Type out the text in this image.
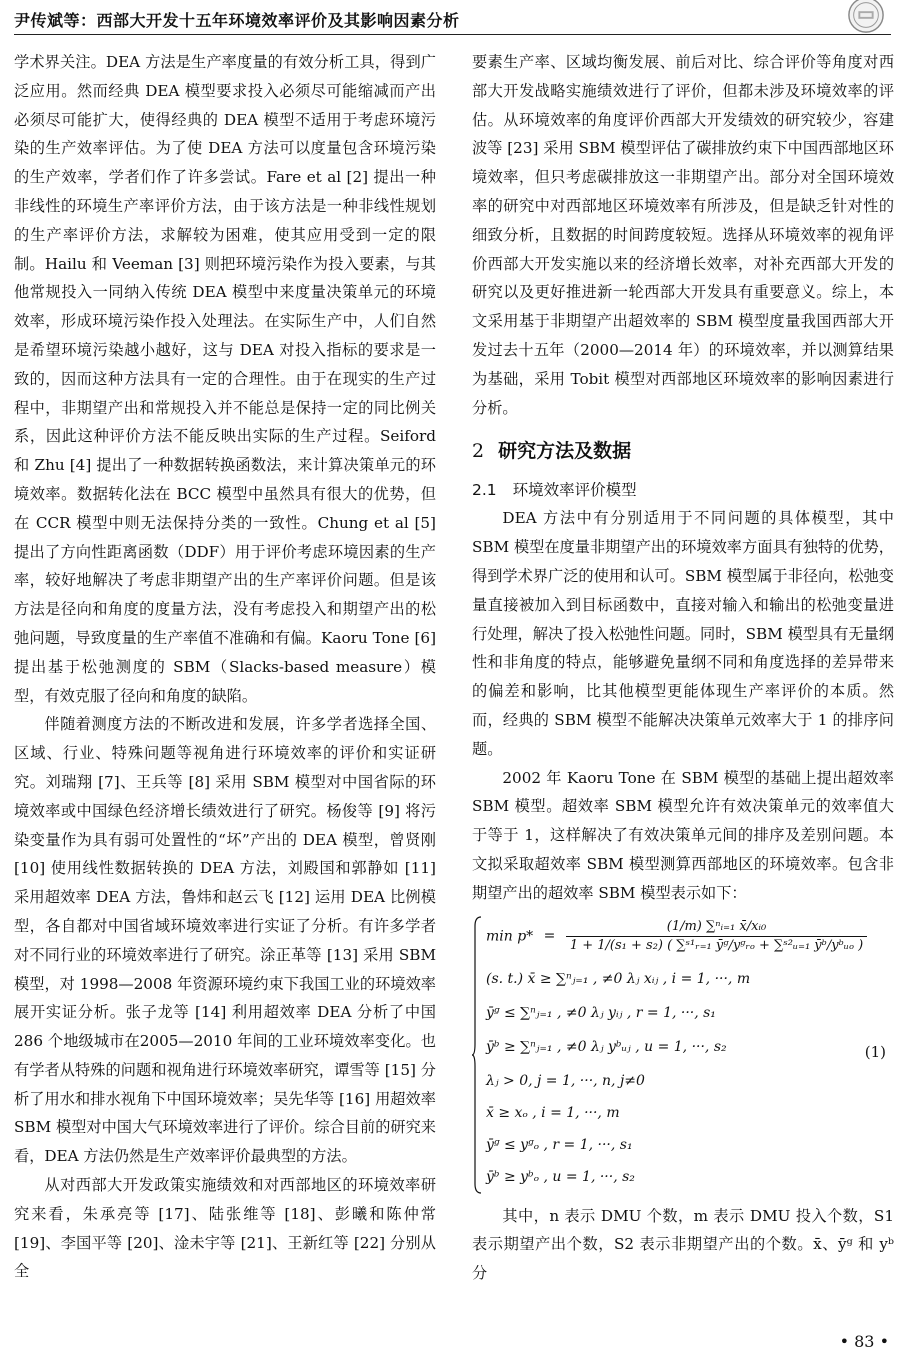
尹传斌等：西部大开发十五年环境效率评价及其影响因素分析

学术界关注。DEA 方法是生产率度量的有效分析工具，得到广泛应用。然而经典 DEA 模型要求投入必须尽可能缩减而产出必须尽可能扩大，使得经典的 DEA 模型不适用于考虑环境污染的生产效率评估。为了使 DEA 方法可以度量包含环境污染的生产效率，学者们作了许多尝试。Fare et al [2] 提出一种非线性的环境生产率评价方法，由于该方法是一种非线性规划的生产率评价方法，求解较为困难，使其应用受到一定的限制。Hailu 和 Veeman [3] 则把环境污染作为投入要素，与其他常规投入一同纳入传统 DEA 模型中来度量决策单元的环境效率，形成环境污染作投入处理法。在实际生产中，人们自然是希望环境污染越小越好，这与 DEA 对投入指标的要求是一致的，因而这种方法具有一定的合理性。由于在现实的生产过程中，非期望产出和常规投入并不能总是保持一定的同比例关系，因此这种评价方法不能反映出实际的生产过程。Seiford 和 Zhu [4] 提出了一种数据转换函数法，来计算决策单元的环境效率。数据转化法在 BCC 模型中虽然具有很大的优势，但在 CCR 模型中则无法保持分类的一致性。Chung et al [5] 提出了方向性距离函数（DDF）用于评价考虑环境因素的生产率，较好地解决了考虑非期望产出的生产率评价问题。但是该方法是径向和角度的度量方法，没有考虑投入和期望产出的松弛问题，导致度量的生产率值不准确和有偏。Kaoru Tone [6] 提出基于松弛测度的 SBM（Slacks-based measure）模型，有效克服了径向和角度的缺陷。

伴随着测度方法的不断改进和发展，许多学者选择全国、区域、行业、特殊问题等视角进行环境效率的评价和实证研究。刘瑞翔 [7]、王兵等 [8] 采用 SBM 模型对中国省际的环境效率或中国绿色经济增长绩效进行了研究。杨俊等 [9] 将污染变量作为具有弱可处置性的“坏”产出的 DEA 模型，曾贤刚 [10] 使用线性数据转换的 DEA 方法，刘殿国和郭静如 [11] 采用超效率 DEA 方法，鲁炜和赵云飞 [12] 运用 DEA 比例模型，各自都对中国省域环境效率进行实证了分析。有许多学者对不同行业的环境效率进行了研究。涂正革等 [13] 采用 SBM 模型，对 1998—2008 年资源环境约束下我国工业的环境效率展开实证分析。张子龙等 [14] 利用超效率 DEA 分析了中国 286 个地级城市在2005—2010 年间的工业环境效率变化。也有学者从特殊的问题和视角进行环境效率研究，谭雪等 [15] 分析了用水和排水视角下中国环境效率；吴先华等 [16] 用超效率 SBM 模型对中国大气环境效率进行了评价。综合目前的研究来看，DEA 方法仍然是生产效率评价最典型的方法。

从对西部大开发政策实施绩效和对西部地区的环境效率研究来看，朱承亮等 [17]、陆张维等 [18]、彭曦和陈仲常 [19]、李国平等 [20]、淦未宇等 [21]、王新红等 [22] 分别从全

要素生产率、区域均衡发展、前后对比、综合评价等角度对西部大开发战略实施绩效进行了评价，但都未涉及环境效率的评估。从环境效率的角度评价西部大开发绩效的研究较少，容建波等 [23] 采用 SBM 模型评估了碳排放约束下中国西部地区环境效率，但只考虑碳排放这一非期望产出。部分对全国环境效率的研究中对西部地区环境效率有所涉及，但是缺乏针对性的细致分析，且数据的时间跨度较短。选择从环境效率的视角评价西部大开发实施以来的经济增长效率，对补充西部大开发的研究以及更好推进新一轮西部大开发具有重要意义。综上，本文采用基于非期望产出超效率的 SBM 模型度量我国西部大开发过去十五年（2000—2014 年）的环境效率，并以测算结果为基础，采用 Tobit 模型对西部地区环境效率的影响因素进行分析。

2 研究方法及数据
2.1 环境效率评价模型

DEA 方法中有分别适用于不同问题的具体模型，其中 SBM 模型在度量非期望产出的环境效率方面具有独特的优势，得到学术界广泛的使用和认可。SBM 模型属于非径向，松弛变量直接被加入到目标函数中，直接对输入和输出的松弛变量进行处理，解决了投入松弛性问题。同时，SBM 模型具有无量纲性和非角度的特点，能够避免量纲不同和角度选择的差异带来的偏差和影响，比其他模型更能体现生产率评价的本质。然而，经典的 SBM 模型不能解决决策单元效率大于 1 的排序问题。

2002 年 Kaoru Tone 在 SBM 模型的基础上提出超效率 SBM 模型。超效率 SBM 模型允许有效决策单元的效率值大于等于 1，这样解决了有效决策单元间的排序及差别问题。本文拟采取超效率 SBM 模型测算西部地区的环境效率。包含非期望产出的超效率 SBM 模型表示如下：

$\min p* = \frac{\text{(1/m) ∑ⁿᵢ₌₁ x̄/xᵢ₀}}{\text{1 + 1/(s₁ + s₂) ( ∑ˢ¹ᵣ₌₁ ȳᵍ/yᵍᵣₒ + ∑ˢ²ᵤ₌₁ ȳᵇ/yᵇᵤₒ )}}$
(s. t.) x̄ ≥ ∑ⁿⱼ₌₁ , ≠0 λⱼ xᵢⱼ , i = 1, ···, m
ȳᵍ ≤ ∑ⁿⱼ₌₁ , ≠0 λⱼ yᵢⱼ , r = 1, ···, s₁
ȳᵇ ≥ ∑ⁿⱼ₌₁ , ≠0 λⱼ yᵇᵤⱼ , u = 1, ···, s₂
λⱼ > 0, j = 1, ···, n, j≠0
x̄ ≥ xₒ , i = 1, ···, m
ȳᵍ ≤ yᵍₒ , r = 1, ···, s₁
ȳᵇ ≥ yᵇₒ , u = 1, ···, s₂
(1)

其中，n 表示 DMU 个数，m 表示 DMU 投入个数，S1 表示期望产出个数，S2 表示非期望产出的个数。x̄、ȳᵍ 和 yᵇ 分

• 83 •
